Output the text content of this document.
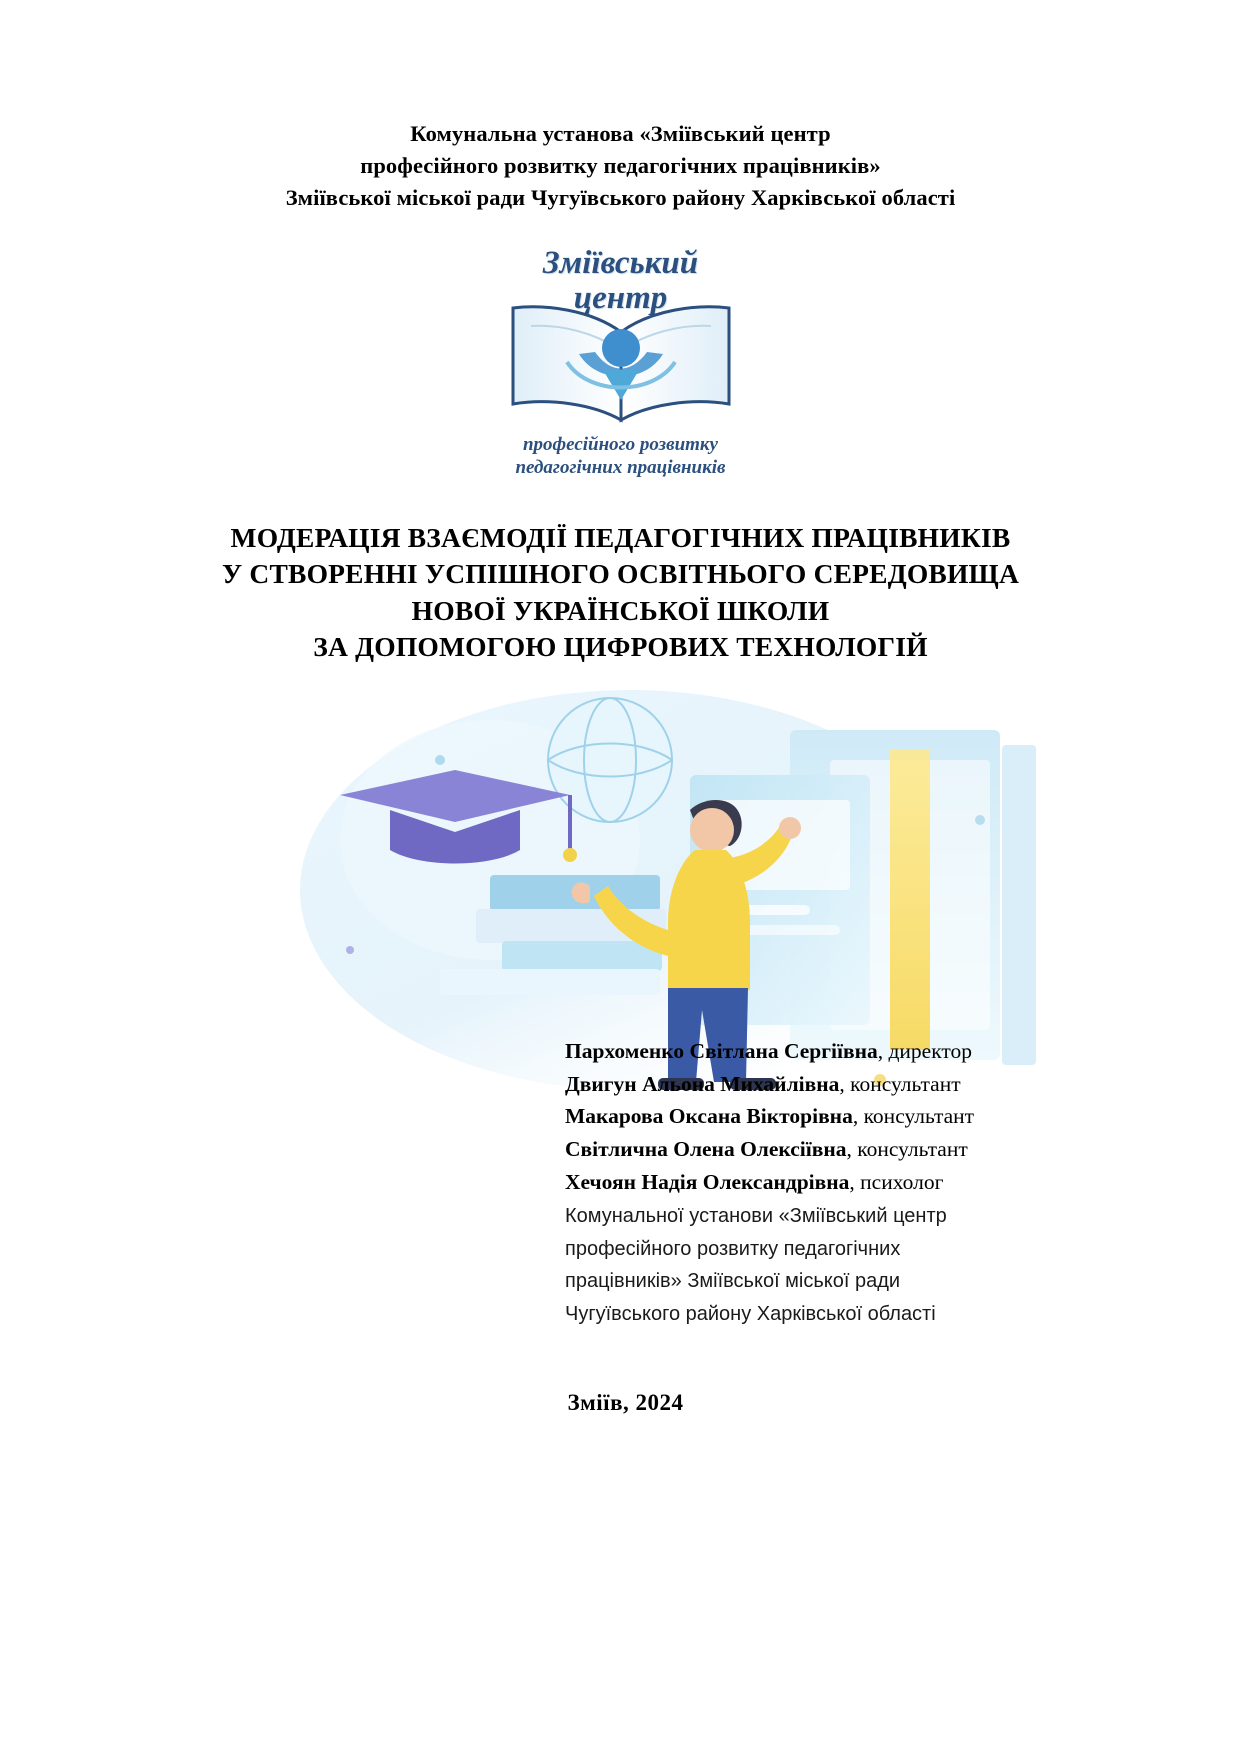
Комунальна установа «Зміївський центр
професійного розвитку педагогічних працівників»
Зміївської міської ради Чугуївського району Харківської області
Зміївський
центр
професійного розвитку
педагогічних працівників
МОДЕРАЦІЯ ВЗАЄМОДІЇ ПЕДАГОГІЧНИХ ПРАЦІВНИКІВ
У СТВОРЕННІ УСПІШНОГО ОСВІТНЬОГО СЕРЕДОВИЩА
НОВОЇ УКРАЇНСЬКОЇ ШКОЛИ
ЗА ДОПОМОГОЮ ЦИФРОВИХ ТЕХНОЛОГІЙ
Пархоменко Світлана Сергіївна, директор
Двигун Альона Михайлівна, консультант
Макарова Оксана Вікторівна, консультант
Світлична Олена Олексіївна, консультант
Хечоян Надія Олександрівна, психолог
Комунальної установи «Зміївський центр
професійного розвитку педагогічних
працівників» Зміївської міської ради
Чугуївського району Харківської області
Зміїв, 2024
